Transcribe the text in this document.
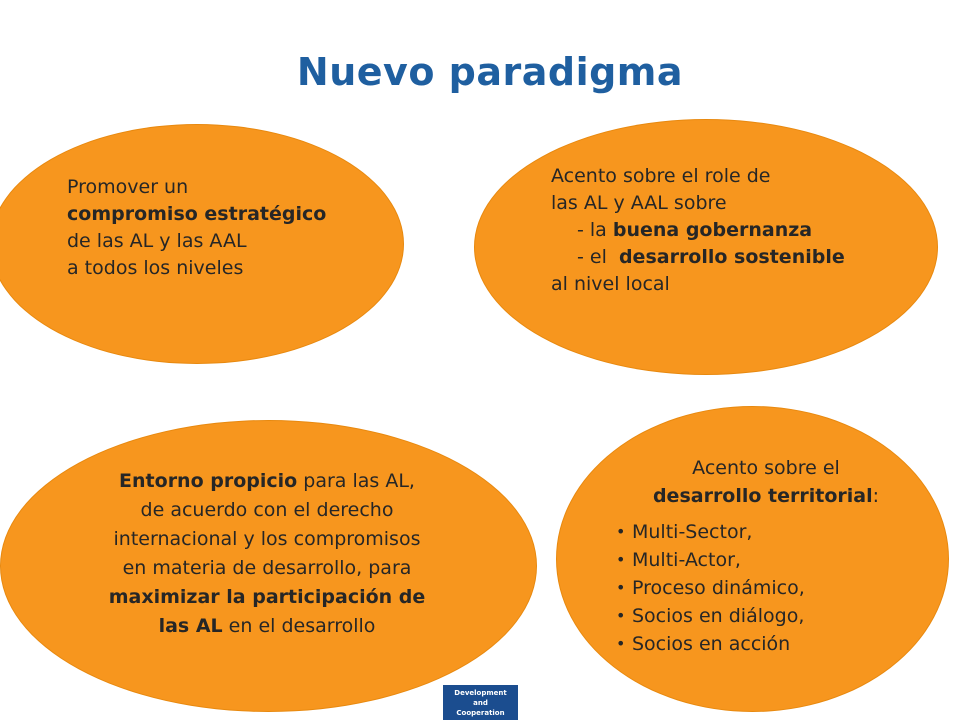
Nuevo paradigma
Promover un
compromiso estratégico
de las AL y las AAL
a todos los niveles
Acento sobre el role de
las AL y AAL sobre
- la buena gobernanza
- el  desarrollo sostenible
al nivel local
Entorno propicio para las AL,
de acuerdo con el derecho
internacional y los compromisos
en materia de desarrollo, para
maximizar la participación de
las AL en el desarrollo
Acento sobre el
desarrollo territorial:
• Multi-Sector,
• Multi-Actor,
• Proceso dinámico,
• Socios en diálogo,
• Socios en acción
Development
and
Cooperation
